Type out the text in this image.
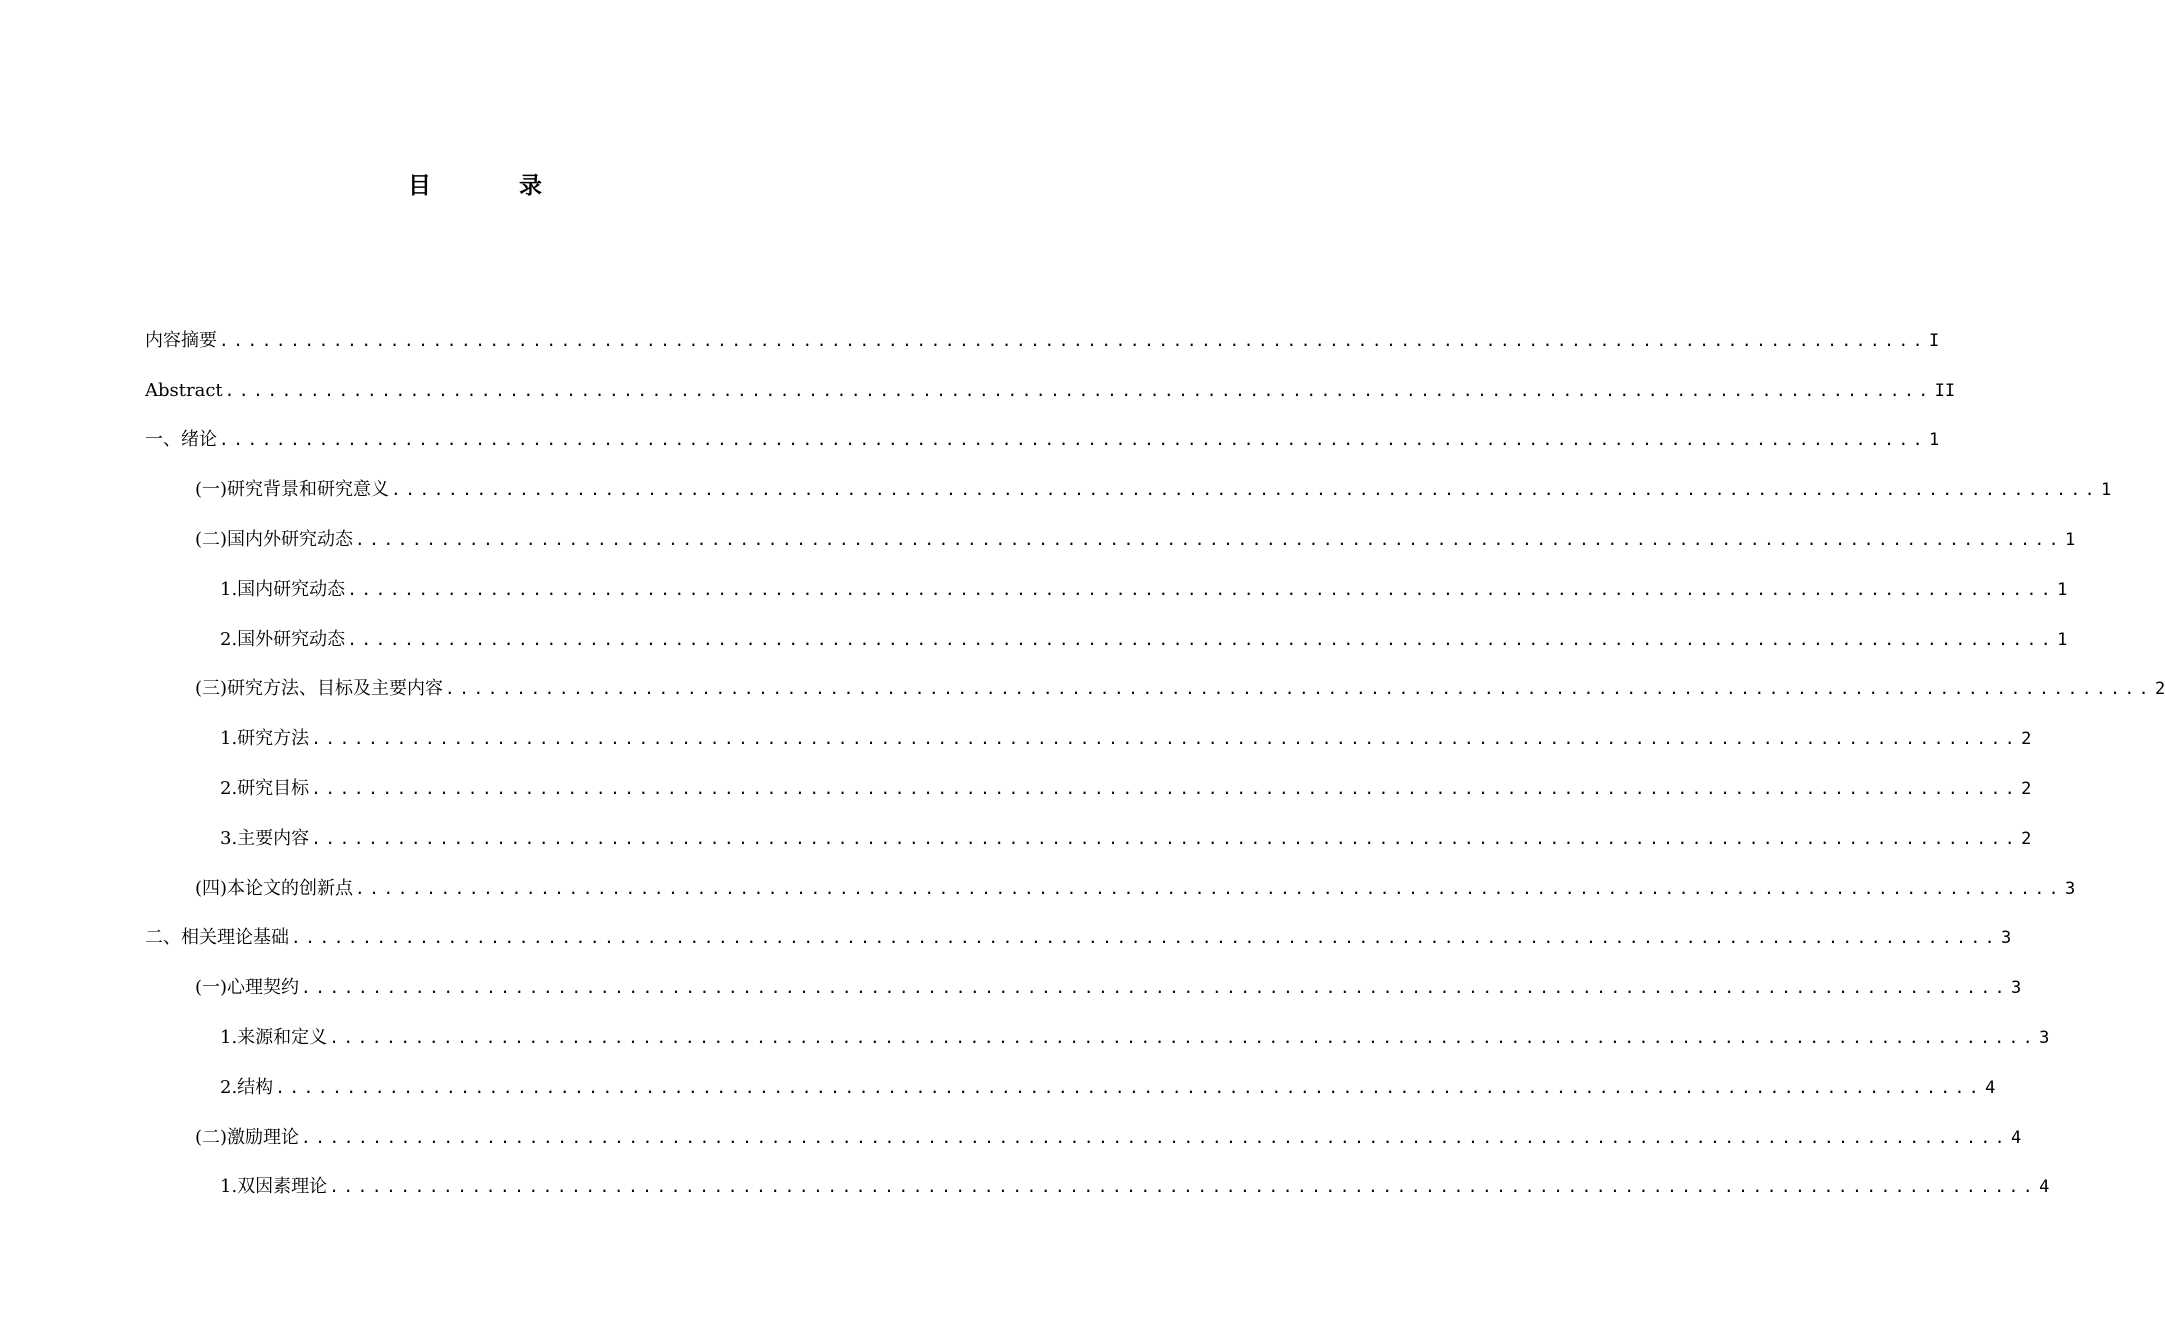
目 录
内容摘要 ........................................................................................................................ I
Abstract ........................................................................................................................ II
一、绪论 ........................................................................................................................ 1
(一)研究背景和研究意义 ........................................................................................................................ 1
(二)国内外研究动态 ........................................................................................................................ 1
1.国内研究动态 ........................................................................................................................ 1
2.国外研究动态 ........................................................................................................................ 1
(三)研究方法、目标及主要内容 ........................................................................................................................ 2
1.研究方法 ........................................................................................................................ 2
2.研究目标 ........................................................................................................................ 2
3.主要内容 ........................................................................................................................ 2
(四)本论文的创新点 ........................................................................................................................ 3
二、相关理论基础 ........................................................................................................................ 3
(一)心理契约 ........................................................................................................................ 3
1.来源和定义 ........................................................................................................................ 3
2.结构 ........................................................................................................................ 4
(二)激励理论 ........................................................................................................................ 4
1.双因素理论 ........................................................................................................................ 4
